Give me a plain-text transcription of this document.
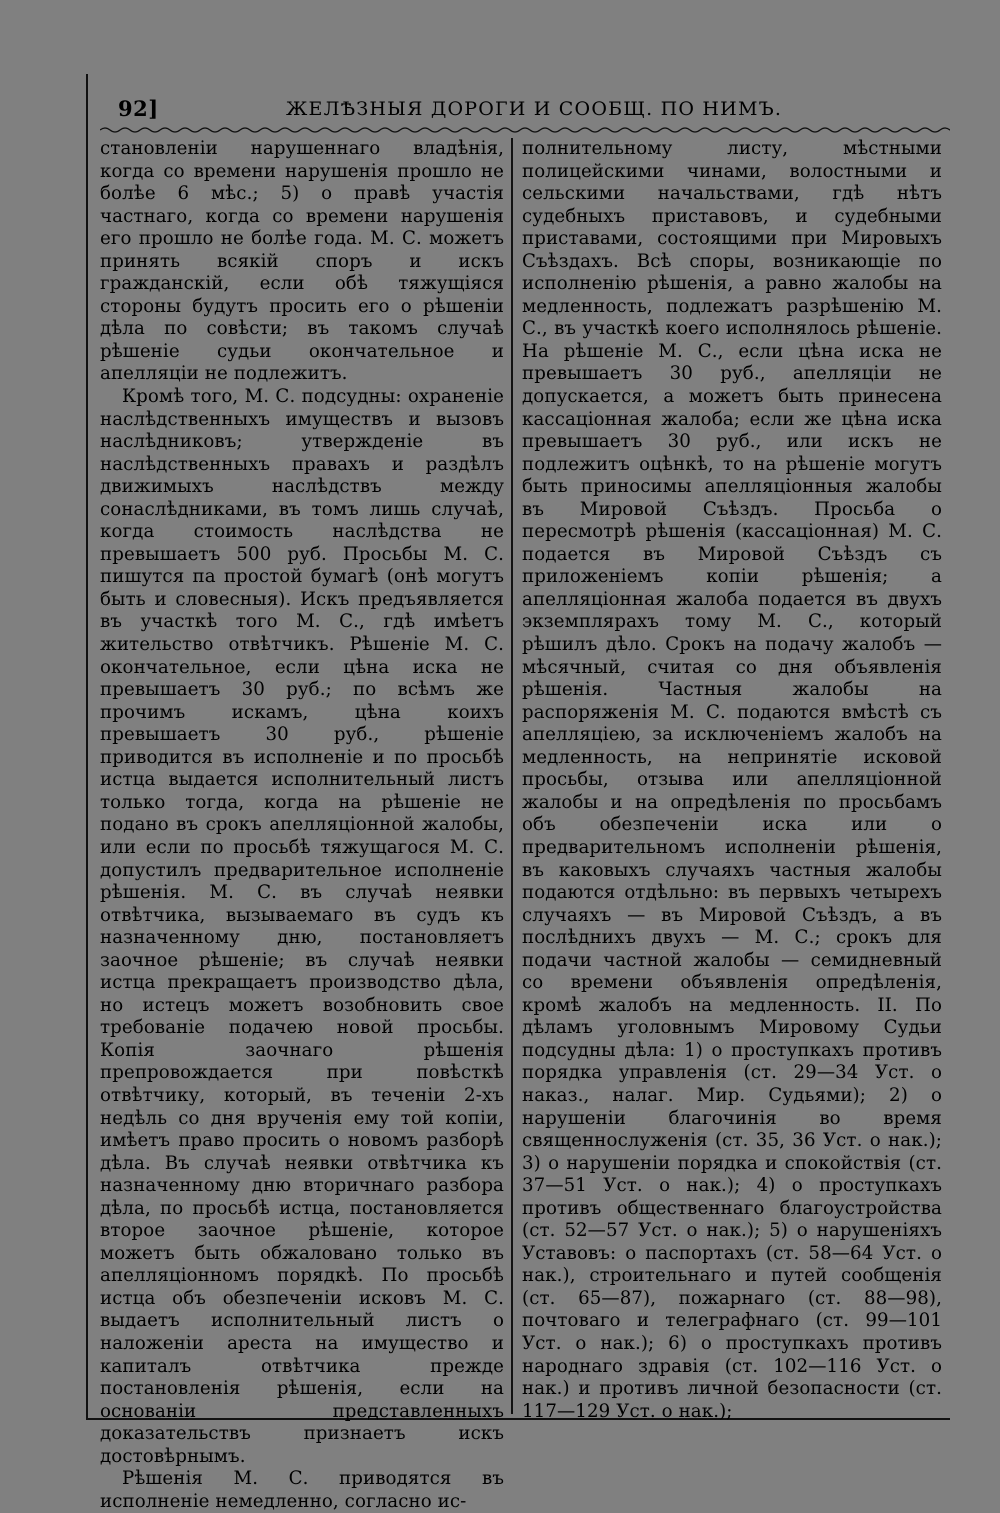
92]	ЖЕЛѢЗНЫЯ ДОРОГИ И СООБЩ. ПО НИМЪ.

становленіи нарушеннаго владѣнія, когда со времени нарушенія прошло не болѣе 6 мѣс.; 5) о правѣ участія частнаго, когда со времени нарушенія его прошло не болѣе года. М. С. можетъ принять всякій споръ и искъ гражданскій, если обѣ тяжущіяся стороны будутъ просить его о рѣшеніи дѣла по совѣсти; въ такомъ случаѣ рѣшеніе судьи окончательное и апелляціи не подлежитъ.

Кромѣ того, М. С. подсудны: охраненіе наслѣдственныхъ имуществъ и вызовъ наслѣдниковъ; утвержденіе въ наслѣдственныхъ правахъ и раздѣлъ движимыхъ наслѣдствъ между сонаслѣдниками, въ томъ лишь случаѣ, когда стоимость наслѣдства не превышаетъ 500 руб. Просьбы М. С. пишутся па простой бумагѣ (онѣ могутъ быть и словесныя). Искъ предъявляется въ участкѣ того М. С., гдѣ имѣетъ жительство отвѣтчикъ. Рѣшеніе М. С. окончательное, если цѣна иска не превышаетъ 30 руб.; по всѣмъ же прочимъ искамъ, цѣна коихъ превышаетъ 30 руб., рѣшеніе приводится въ исполненіе и по просьбѣ истца выдается исполнительный листъ только тогда, когда на рѣшеніе не подано въ срокъ апелляціонной жалобы, или если по просьбѣ тяжущагося М. С. допустилъ предварительное исполненіе рѣшенія. М. С. въ случаѣ неявки отвѣтчика, вызываемаго въ судъ къ назначенному дню, постановляетъ заочное рѣшеніе; въ случаѣ неявки истца прекращаетъ производство дѣла, но истецъ можетъ возобновить свое требованіе подачею новой просьбы. Копія заочнаго рѣшенія препровождается при повѣсткѣ отвѣтчику, который, въ теченіи 2-хъ недѣль со дня врученія ему той копіи, имѣетъ право просить о новомъ разборѣ дѣла. Въ случаѣ неявки отвѣтчика къ назначенному дню вторичнаго разбора дѣла, по просьбѣ истца, постановляется второе заочное рѣшеніе, которое можетъ быть обжаловано только въ апелляціонномъ порядкѣ. По просьбѣ истца объ обезпеченіи исковъ М. С. выдаетъ исполнительный листъ о наложеніи ареста на имущество и капиталъ отвѣтчика прежде постановленія рѣшенія, если на основаніи представленныхъ доказательствъ признаетъ искъ достовѣрнымъ.

Рѣшенія М. С. приводятся въ исполненіе немедленно, согласно ис-

полнительному листу, мѣстными полицейскими чинами, волостными и сельскими начальствами, гдѣ нѣтъ судебныхъ приставовъ, и судебными приставами, состоящими при Мировыхъ Съѣздахъ. Всѣ споры, возникающіе по исполненію рѣшенія, а равно жалобы на медленность, подлежатъ разрѣшенію М. С., въ участкѣ коего исполнялось рѣшеніе. На рѣшеніе М. С., если цѣна иска не превышаетъ 30 руб., апелляціи не допускается, а можетъ быть принесена кассаціонная жалоба; если же цѣна иска превышаетъ 30 руб., или искъ не подлежитъ оцѣнкѣ, то на рѣшеніе могутъ быть приносимы апелляціонныя жалобы въ Мировой Съѣздъ. Просьба о пересмотрѣ рѣшенія (кассаціонная) М. С. подается въ Мировой Съѣздъ съ приложеніемъ копіи рѣшенія; а апелляціонная жалоба подается въ двухъ экземплярахъ тому М. С., который рѣшилъ дѣло. Срокъ на подачу жалобъ — мѣсячный, считая со дня объявленія рѣшенія. Частныя жалобы на распоряженія М. С. подаются вмѣстѣ съ апелляціею, за исключеніемъ жалобъ на медленность, на непринятіе исковой просьбы, отзыва или апелляціонной жалобы и на опредѣленія по просьбамъ объ обезпеченіи иска или о предварительномъ исполненіи рѣшенія, въ каковыхъ случаяхъ частныя жалобы подаются отдѣльно: въ первыхъ четырехъ случаяхъ — въ Мировой Съѣздъ, а въ послѣднихъ двухъ — М. С.; срокъ для подачи частной жалобы — семидневный со времени объявленія опредѣленія, кромѣ жалобъ на медленность. II. По дѣламъ уголовнымъ Мировому Судьи подсудны дѣла: 1) о проступкахъ противъ порядка управленія (ст. 29—34 Уст. о наказ., налаг. Мир. Судьями); 2) о нарушеніи благочинія во время священнослуженія (ст. 35, 36 Уст. о нак.); 3) о нарушеніи порядка и спокойствія (ст. 37—51 Уст. о нак.); 4) о проступкахъ противъ общественнаго благоустройства (ст. 52—57 Уст. о нак.); 5) о нарушеніяхъ Уставовъ: о паспортахъ (ст. 58—64 Уст. о нак.), строительнаго и путей сообщенія (ст. 65—87), пожарнаго (ст. 88—98), почтоваго и телеграфнаго (ст. 99—101 Уст. о нак.); 6) о проступкахъ противъ народнаго здравія (ст. 102—116 Уст. о нак.) и противъ личной безопасности (ст. 117—129 Уст. о нак.);
